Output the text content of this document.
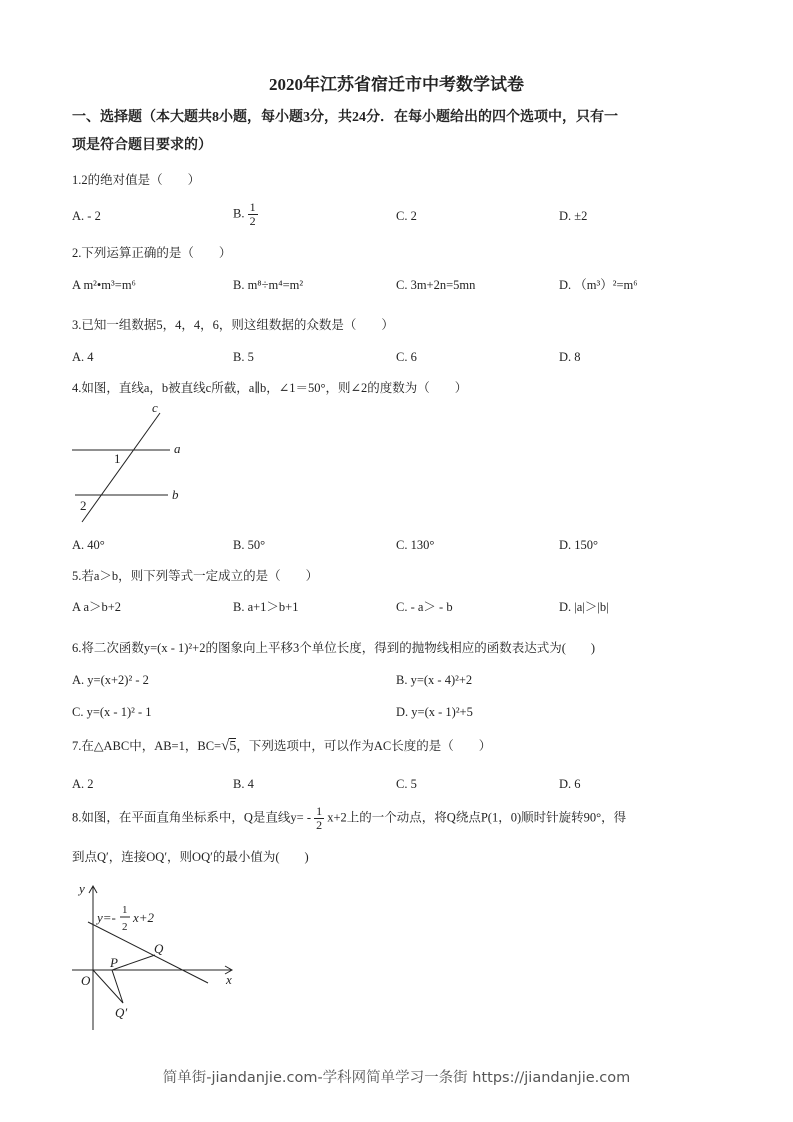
2020年江苏省宿迁市中考数学试卷
一、选择题（本大题共8小题，每小题3分，共24分．在每小题给出的四个选项中，只有一
项是符合题目要求的）
1.2的绝对值是（　　）
A. - 2	B. $\frac{1}{2}$	C. 2	D. ±2
2.下列运算正确的是（　　）
A m²•m³=m⁶	B. m⁸÷m⁴=m²	C. 3m+2n=5mn	D. （m³）²=m⁶
3.已知一组数据5，4，4，6，则这组数据的众数是（　　）
A. 4	B. 5	C. 6	D. 8
4.如图，直线a，b被直线c所截，a∥b，∠1＝50°，则∠2的度数为（　　）
c
a
b
1
2
y
x
O
P
Q
Q′
y=- 1
2
x+2
A. 40°	B. 50°	C. 130°	D. 150°
5.若a＞b，则下列等式一定成立的是（　　）
A a＞b+2	B. a+1＞b+1	C. - a＞ - b	D. |a|＞|b|
6.将二次函数y=(x - 1)²+2的图象向上平移3个单位长度，得到的抛物线相应的函数表达式为(　　)
A. y=(x+2)² - 2	B. y=(x - 4)²+2
C. y=(x - 1)² - 1	D. y=(x - 1)²+5
7.在△ABC中，AB=1，BC=√5，下列选项中，可以作为AC长度的是（　　）
A. 2	B. 4	C. 5	D. 6
8.如图，在平面直角坐标系中，Q是直线$y= - \frac{1}{2} x+2$上的一个动点，将Q绕点P(1，0)顺时针旋转90°，得
到点Q′，连接OQ′，则OQ′的最小值为(　　)
简单街-jiandanjie.com-学科网简单学习一条街 https://jiandanjie.com
